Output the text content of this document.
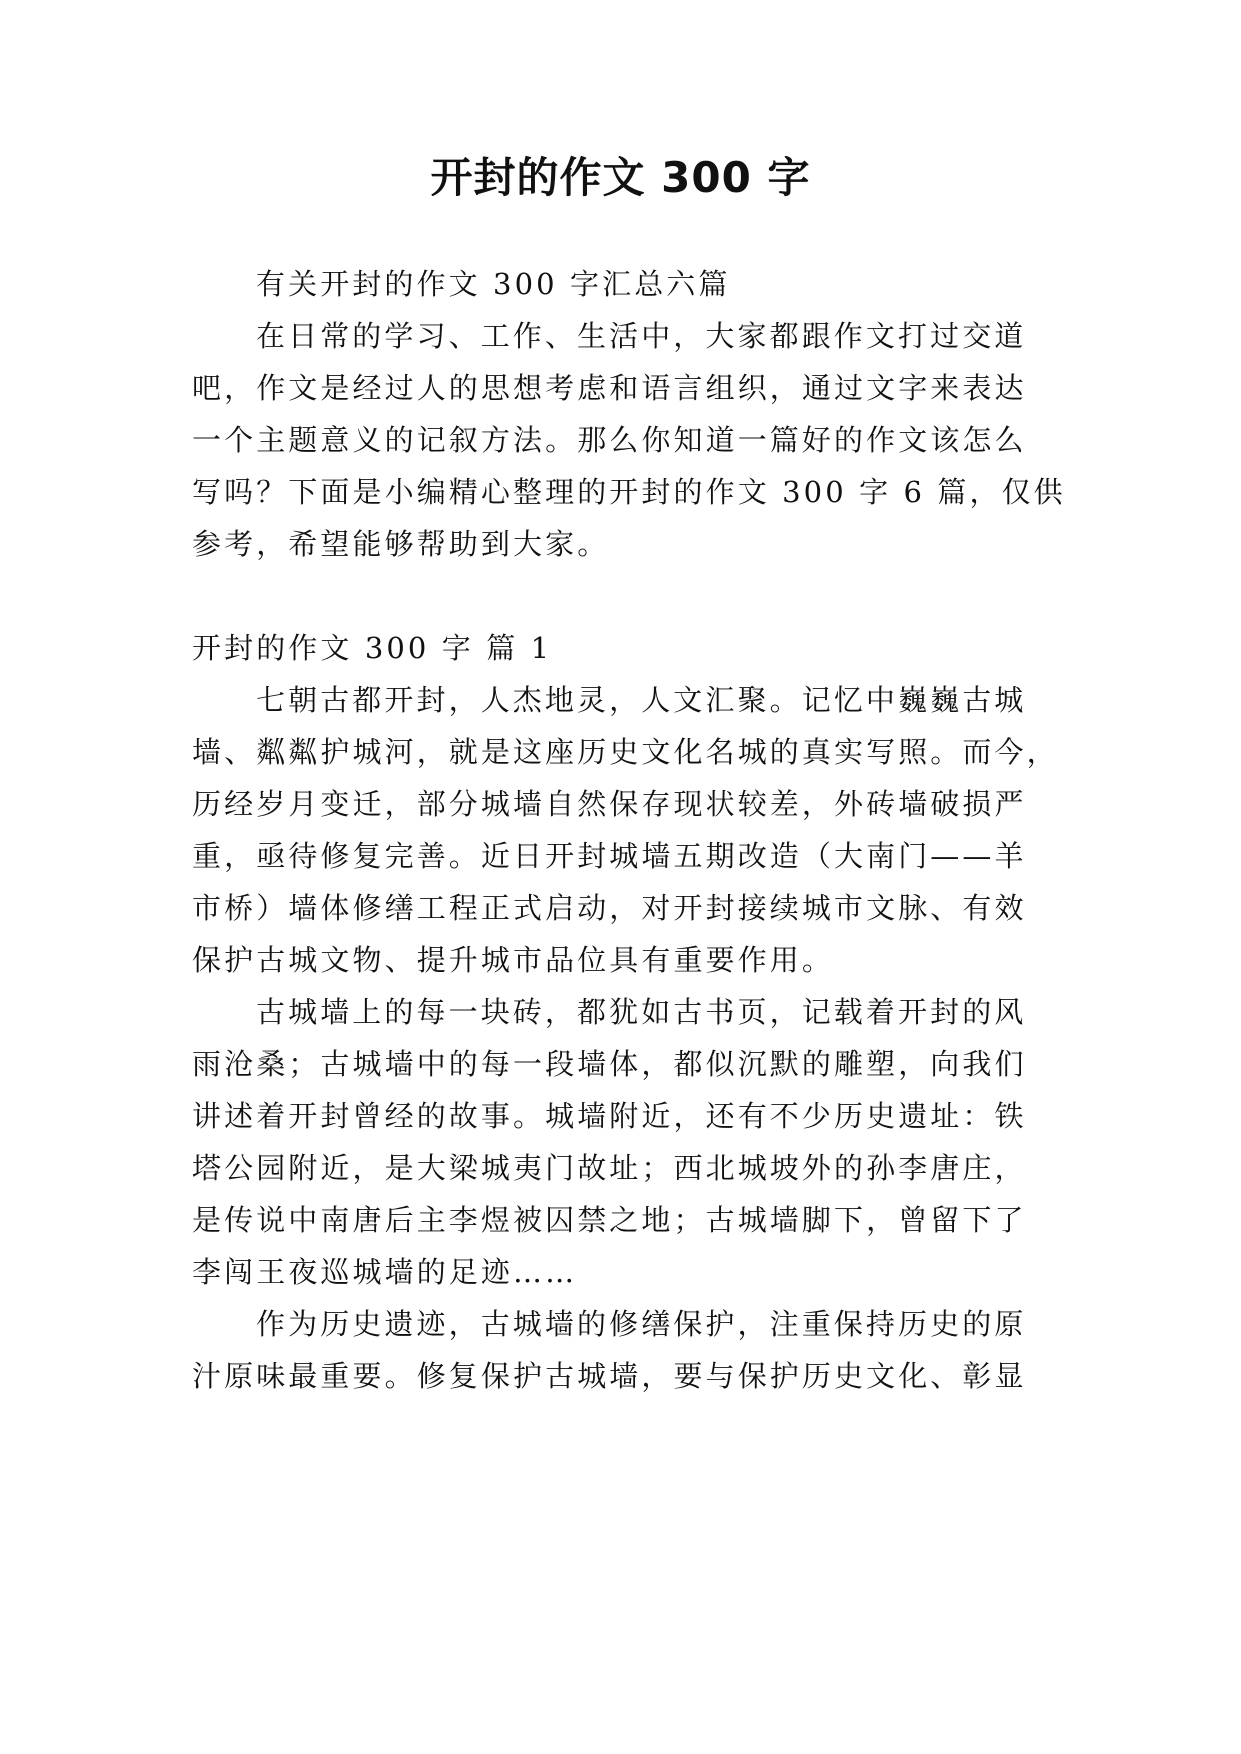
开封的作文 300 字
有关开封的作文 300 字汇总六篇
在日常的学习、工作、生活中，大家都跟作文打过交道
吧，作文是经过人的思想考虑和语言组织，通过文字来表达
一个主题意义的记叙方法。那么你知道一篇好的作文该怎么
写吗？下面是小编精心整理的开封的作文 300 字 6 篇，仅供
参考，希望能够帮助到大家。
开封的作文 300 字 篇 1
七朝古都开封，人杰地灵，人文汇聚。记忆中巍巍古城
墙、粼粼护城河，就是这座历史文化名城的真实写照。而今，
历经岁月变迁，部分城墙自然保存现状较差，外砖墙破损严
重，亟待修复完善。近日开封城墙五期改造（大南门——羊
市桥）墙体修缮工程正式启动，对开封接续城市文脉、有效
保护古城文物、提升城市品位具有重要作用。
古城墙上的每一块砖，都犹如古书页，记载着开封的风
雨沧桑；古城墙中的每一段墙体，都似沉默的雕塑，向我们
讲述着开封曾经的故事。城墙附近，还有不少历史遗址：铁
塔公园附近，是大梁城夷门故址；西北城坡外的孙李唐庄，
是传说中南唐后主李煜被囚禁之地；古城墙脚下，曾留下了
李闯王夜巡城墙的足迹……
作为历史遗迹，古城墙的修缮保护，注重保持历史的原
汁原味最重要。修复保护古城墙，要与保护历史文化、彰显
